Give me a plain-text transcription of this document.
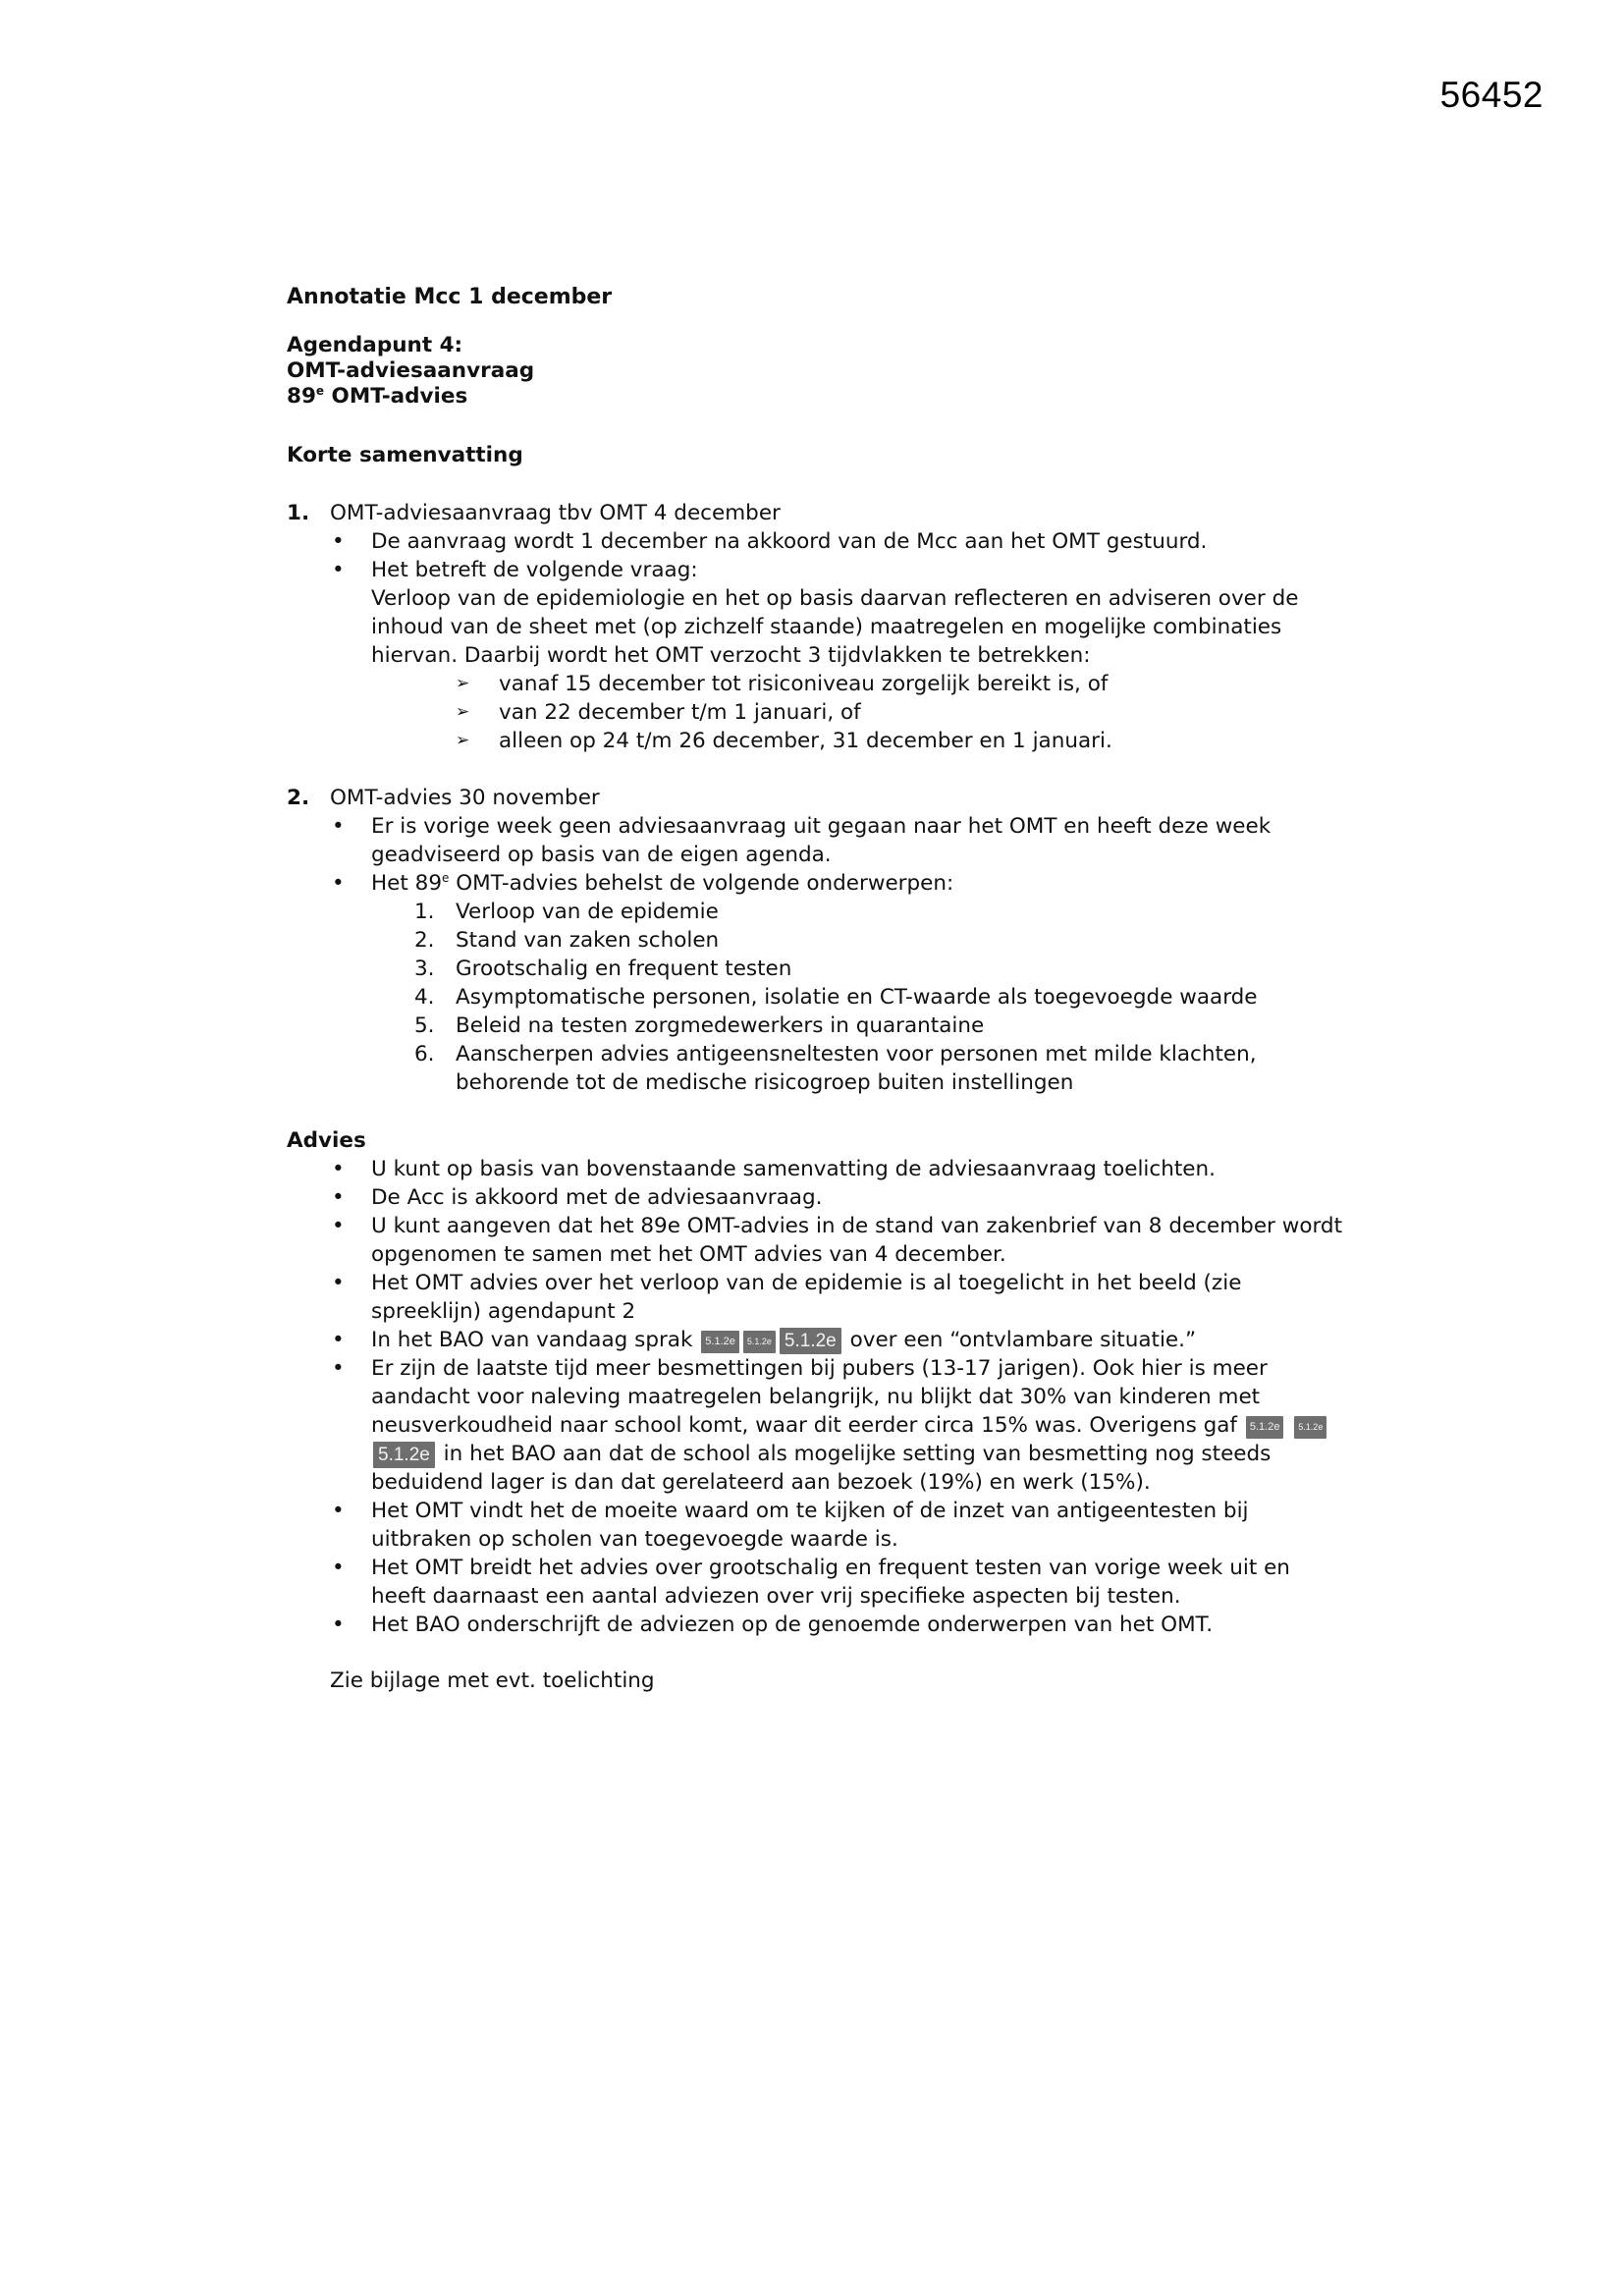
56452
Annotatie Mcc 1 december
Agendapunt 4:
OMT-adviesaanvraag
89e OMT-advies
Korte samenvatting
1. OMT-adviesaanvraag tbv OMT 4 december
• De aanvraag wordt 1 december na akkoord van de Mcc aan het OMT gestuurd.
• Het betreft de volgende vraag:
Verloop van de epidemiologie en het op basis daarvan reflecteren en adviseren over de inhoud van de sheet met (op zichzelf staande) maatregelen en mogelijke combinaties hiervan. Daarbij wordt het OMT verzocht 3 tijdvlakken te betrekken:
➢ vanaf 15 december tot risiconiveau zorgelijk bereikt is, of
➢ van 22 december t/m 1 januari, of
➢ alleen op 24 t/m 26 december, 31 december en 1 januari.
2. OMT-advies 30 november
• Er is vorige week geen adviesaanvraag uit gegaan naar het OMT en heeft deze week geadviseerd op basis van de eigen agenda.
• Het 89e OMT-advies behelst de volgende onderwerpen:
1. Verloop van de epidemie
2. Stand van zaken scholen
3. Grootschalig en frequent testen
4. Asymptomatische personen, isolatie en CT-waarde als toegevoegde waarde
5. Beleid na testen zorgmedewerkers in quarantaine
6. Aanscherpen advies antigeensneltesten voor personen met milde klachten, behorende tot de medische risicogroep buiten instellingen
Advies
• U kunt op basis van bovenstaande samenvatting de adviesaanvraag toelichten.
• De Acc is akkoord met de adviesaanvraag.
• U kunt aangeven dat het 89e OMT-advies in de stand van zakenbrief van 8 december wordt opgenomen te samen met het OMT advies van 4 december.
• Het OMT advies over het verloop van de epidemie is al toegelicht in het beeld (zie spreeklijn) agendapunt 2
• In het BAO van vandaag sprak 5.1.2e 5.1.2e 5.1.2e over een “ontvlambare situatie.”
• Er zijn de laatste tijd meer besmettingen bij pubers (13-17 jarigen). Ook hier is meer aandacht voor naleving maatregelen belangrijk, nu blijkt dat 30% van kinderen met neusverkoudheid naar school komt, waar dit eerder circa 15% was. Overigens gaf 5.1.2e 5.1.2e5.1.2e in het BAO aan dat de school als mogelijke setting van besmetting nog steeds beduidend lager is dan dat gerelateerd aan bezoek (19%) en werk (15%).
• Het OMT vindt het de moeite waard om te kijken of de inzet van antigeentesten bij uitbraken op scholen van toegevoegde waarde is.
• Het OMT breidt het advies over grootschalig en frequent testen van vorige week uit en heeft daarnaast een aantal adviezen over vrij specifieke aspecten bij testen.
• Het BAO onderschrijft de adviezen op de genoemde onderwerpen van het OMT.
Zie bijlage met evt. toelichting
